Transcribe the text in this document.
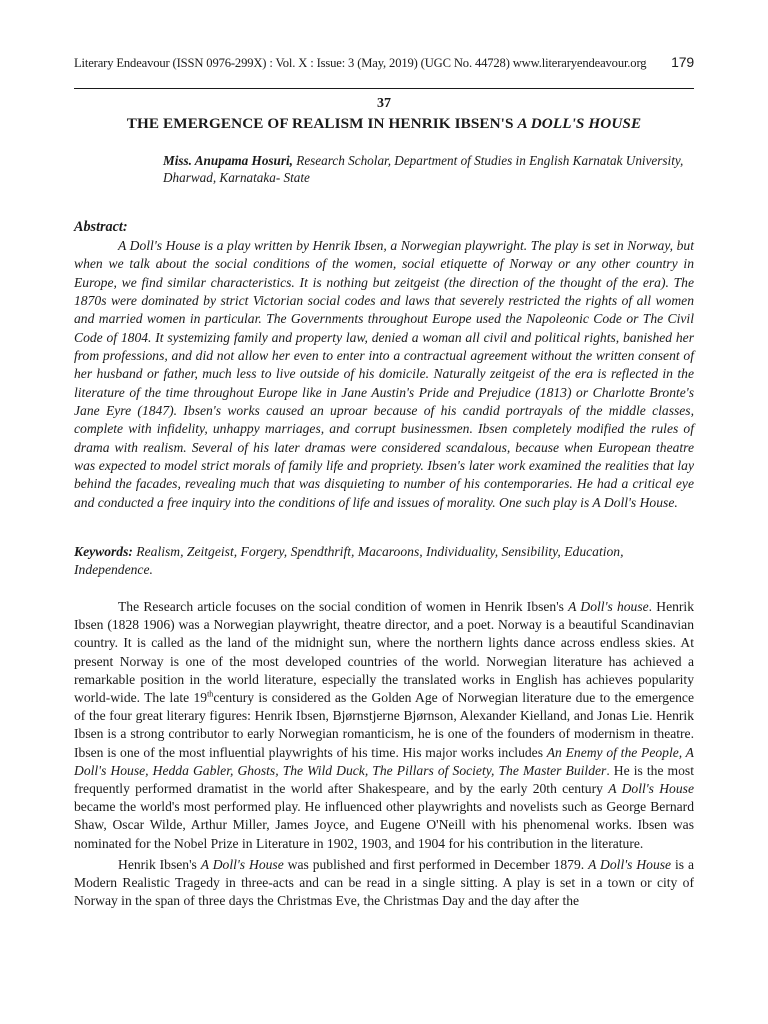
Literary Endeavour (ISSN 0976-299X) : Vol. X : Issue: 3 (May, 2019) (UGC No. 44728) www.literaryendeavour.org 179
37
THE EMERGENCE OF REALISM IN HENRIK IBSEN'S A DOLL'S HOUSE
Miss. Anupama Hosuri, Research Scholar, Department of Studies in English Karnatak University, Dharwad, Karnataka- State
Abstract:

A Doll's House is a play written by Henrik Ibsen, a Norwegian playwright. The play is set in Norway, but when we talk about the social conditions of the women, social etiquette of Norway or any other country in Europe, we find similar characteristics. It is nothing but zeitgeist (the direction of the thought of the era). The 1870s were dominated by strict Victorian social codes and laws that severely restricted the rights of all women and married women in particular. The Governments throughout Europe used the Napoleonic Code or The Civil Code of 1804. It systemizing family and property law, denied a woman all civil and political rights, banished her from professions, and did not allow her even to enter into a contractual agreement without the written consent of her husband or father, much less to live outside of his domicile. Naturally zeitgeist of the era is reflected in the literature of the time throughout Europe like in Jane Austin's Pride and Prejudice (1813) or Charlotte Bronte's Jane Eyre (1847). Ibsen's works caused an uproar because of his candid portrayals of the middle classes, complete with infidelity, unhappy marriages, and corrupt businessmen. Ibsen completely modified the rules of drama with realism. Several of his later dramas were considered scandalous, because when European theatre was expected to model strict morals of family life and propriety. Ibsen's later work examined the realities that lay behind the facades, revealing much that was disquieting to number of his contemporaries. He had a critical eye and conducted a free inquiry into the conditions of life and issues of morality. One such play is A Doll's House.

Keywords: Realism, Zeitgeist, Forgery, Spendthrift, Macaroons, Individuality, Sensibility, Education, Independence.

The Research article focuses on the social condition of women in Henrik Ibsen's A Doll's house. Henrik Ibsen (1828 1906) was a Norwegian playwright, theatre director, and a poet. Norway is a beautiful Scandinavian country. It is called as the land of the midnight sun, where the northern lights dance across endless skies. At present Norway is one of the most developed countries of the world. Norwegian literature has achieved a remarkable position in the world literature, especially the translated works in English has achieves popularity world-wide. The late 19thcentury is considered as the Golden Age of Norwegian literature due to the emergence of the four great literary figures: Henrik Ibsen, Bjørnstjerne Bjørnson, Alexander Kielland, and Jonas Lie. Henrik Ibsen is a strong contributor to early Norwegian romanticism, he is one of the founders of modernism in theatre. Ibsen is one of the most influential playwrights of his time. His major works includes An Enemy of the People, A Doll's House, Hedda Gabler, Ghosts, The Wild Duck, The Pillars of Society, The Master Builder. He is the most frequently performed dramatist in the world after Shakespeare, and by the early 20th century A Doll's House became the world's most performed play. He influenced other playwrights and novelists such as George Bernard Shaw, Oscar Wilde, Arthur Miller, James Joyce, and Eugene O'Neill with his phenomenal works. Ibsen was nominated for the Nobel Prize in Literature in 1902, 1903, and 1904 for his contribution in the literature.

Henrik Ibsen's A Doll's House was published and first performed in December 1879. A Doll's House is a Modern Realistic Tragedy in three-acts and can be read in a single sitting. A play is set in a town or city of Norway in the span of three days the Christmas Eve, the Christmas Day and the day after the
